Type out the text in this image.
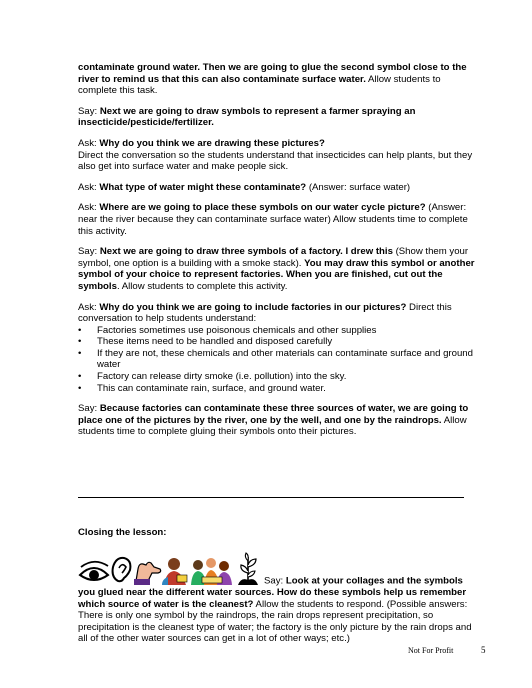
contaminate ground water. Then we are going to glue the second symbol close to the river to remind us that this can also contaminate surface water. Allow students to complete this task.

Say: Next we are going to draw symbols to represent a farmer spraying an insecticide/pesticide/fertilizer.

Ask: Why do you think we are drawing these pictures?
Direct the conversation so the students understand that insecticides can help plants, but they also get into surface water and make people sick.

Ask: What type of water might these contaminate? (Answer: surface water)

Ask: Where are we going to place these symbols on our water cycle picture? (Answer: near the river because they can contaminate surface water) Allow students time to complete this activity.

Say: Next we are going to draw three symbols of a factory. I drew this (Show them your symbol, one option is a building with a smoke stack). You may draw this symbol or another symbol of your choice to represent factories. When you are finished, cut out the symbols. Allow students to complete this activity.

Ask: Why do you think we are going to include factories in our pictures? Direct this conversation to help students understand:

• Factories sometimes use poisonous chemicals and other supplies
• These items need to be handled and disposed carefully
• If they are not, these chemicals and other materials can contaminate surface and ground water
• Factory can release dirty smoke (i.e. pollution) into the sky.
• This can contaminate rain, surface, and ground water.

Say: Because factories can contaminate these three sources of water, we are going to place one of the pictures by the river, one by the well, and one by the raindrops. Allow students time to complete gluing their symbols onto their pictures.

Closing the lesson:
Say: Look at your collages and the symbols you glued near the different water sources. How do these symbols help us remember which source of water is the cleanest? Allow the students to respond. (Possible answers: There is only one symbol by the raindrops, the rain drops represent precipitation, so precipitation is the cleanest type of water; the factory is the only picture by the rain drops and all of the other water sources can get in a lot of other ways; etc.)
Not For Profit	5
